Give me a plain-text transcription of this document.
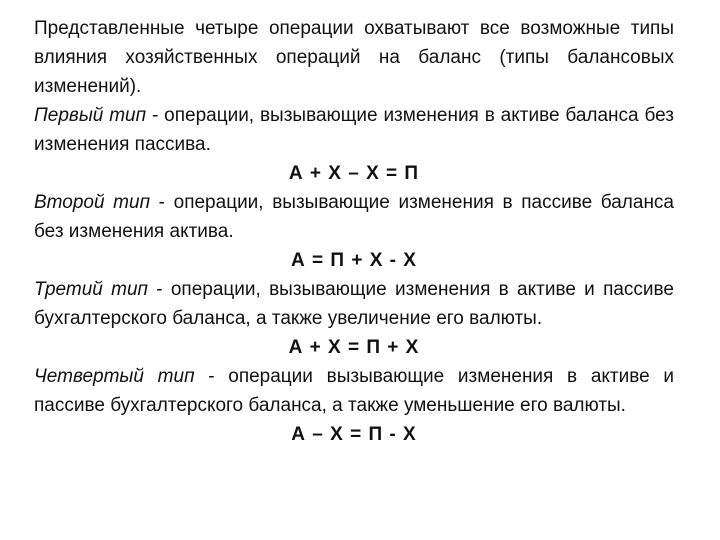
Представленные четыре операции охватывают все возможные типы влияния хозяйственных операций на баланс (типы балансовых изменений).

Первый тип - операции, вызывающие изменения в активе баланса без изменения пассива.

А + Х – Х = П

Второй тип - операции, вызывающие изменения в пассиве баланса без изменения актива.

А = П + Х - Х

Третий тип - операции, вызывающие изменения в активе и пассиве бухгалтерского баланса, а также увеличение его валюты.

А + Х = П + Х

Четвертый тип - операции вызывающие изменения в активе и пассиве бухгалтерского баланса, а также уменьшение его валюты.

А – Х = П - Х
